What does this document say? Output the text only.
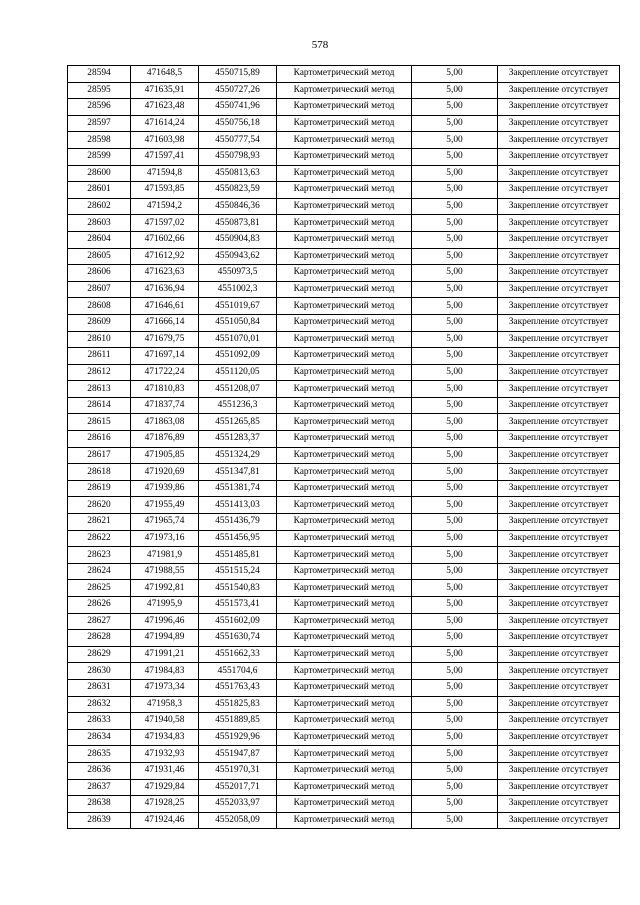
578
28594	471648,5	4550715,89	Картометрический метод	5,00	Закрепление отсутствует
28595	471635,91	4550727,26	Картометрический метод	5,00	Закрепление отсутствует
28596	471623,48	4550741,96	Картометрический метод	5,00	Закрепление отсутствует
28597	471614,24	4550756,18	Картометрический метод	5,00	Закрепление отсутствует
28598	471603,98	4550777,54	Картометрический метод	5,00	Закрепление отсутствует
28599	471597,41	4550798,93	Картометрический метод	5,00	Закрепление отсутствует
28600	471594,8	4550813,63	Картометрический метод	5,00	Закрепление отсутствует
28601	471593,85	4550823,59	Картометрический метод	5,00	Закрепление отсутствует
28602	471594,2	4550846,36	Картометрический метод	5,00	Закрепление отсутствует
28603	471597,02	4550873,81	Картометрический метод	5,00	Закрепление отсутствует
28604	471602,66	4550904,83	Картометрический метод	5,00	Закрепление отсутствует
28605	471612,92	4550943,62	Картометрический метод	5,00	Закрепление отсутствует
28606	471623,63	4550973,5	Картометрический метод	5,00	Закрепление отсутствует
28607	471636,94	4551002,3	Картометрический метод	5,00	Закрепление отсутствует
28608	471646,61	4551019,67	Картометрический метод	5,00	Закрепление отсутствует
28609	471666,14	4551050,84	Картометрический метод	5,00	Закрепление отсутствует
28610	471679,75	4551070,01	Картометрический метод	5,00	Закрепление отсутствует
28611	471697,14	4551092,09	Картометрический метод	5,00	Закрепление отсутствует
28612	471722,24	4551120,05	Картометрический метод	5,00	Закрепление отсутствует
28613	471810,83	4551208,07	Картометрический метод	5,00	Закрепление отсутствует
28614	471837,74	4551236,3	Картометрический метод	5,00	Закрепление отсутствует
28615	471863,08	4551265,85	Картометрический метод	5,00	Закрепление отсутствует
28616	471876,89	4551283,37	Картометрический метод	5,00	Закрепление отсутствует
28617	471905,85	4551324,29	Картометрический метод	5,00	Закрепление отсутствует
28618	471920,69	4551347,81	Картометрический метод	5,00	Закрепление отсутствует
28619	471939,86	4551381,74	Картометрический метод	5,00	Закрепление отсутствует
28620	471955,49	4551413,03	Картометрический метод	5,00	Закрепление отсутствует
28621	471965,74	4551436,79	Картометрический метод	5,00	Закрепление отсутствует
28622	471973,16	4551456,95	Картометрический метод	5,00	Закрепление отсутствует
28623	471981,9	4551485,81	Картометрический метод	5,00	Закрепление отсутствует
28624	471988,55	4551515,24	Картометрический метод	5,00	Закрепление отсутствует
28625	471992,81	4551540,83	Картометрический метод	5,00	Закрепление отсутствует
28626	471995,9	4551573,41	Картометрический метод	5,00	Закрепление отсутствует
28627	471996,46	4551602,09	Картометрический метод	5,00	Закрепление отсутствует
28628	471994,89	4551630,74	Картометрический метод	5,00	Закрепление отсутствует
28629	471991,21	4551662,33	Картометрический метод	5,00	Закрепление отсутствует
28630	471984,83	4551704,6	Картометрический метод	5,00	Закрепление отсутствует
28631	471973,34	4551763,43	Картометрический метод	5,00	Закрепление отсутствует
28632	471958,3	4551825,83	Картометрический метод	5,00	Закрепление отсутствует
28633	471940,58	4551889,85	Картометрический метод	5,00	Закрепление отсутствует
28634	471934,83	4551929,96	Картометрический метод	5,00	Закрепление отсутствует
28635	471932,93	4551947,87	Картометрический метод	5,00	Закрепление отсутствует
28636	471931,46	4551970,31	Картометрический метод	5,00	Закрепление отсутствует
28637	471929,84	4552017,71	Картометрический метод	5,00	Закрепление отсутствует
28638	471928,25	4552033,97	Картометрический метод	5,00	Закрепление отсутствует
28639	471924,46	4552058,09	Картометрический метод	5,00	Закрепление отсутствует
